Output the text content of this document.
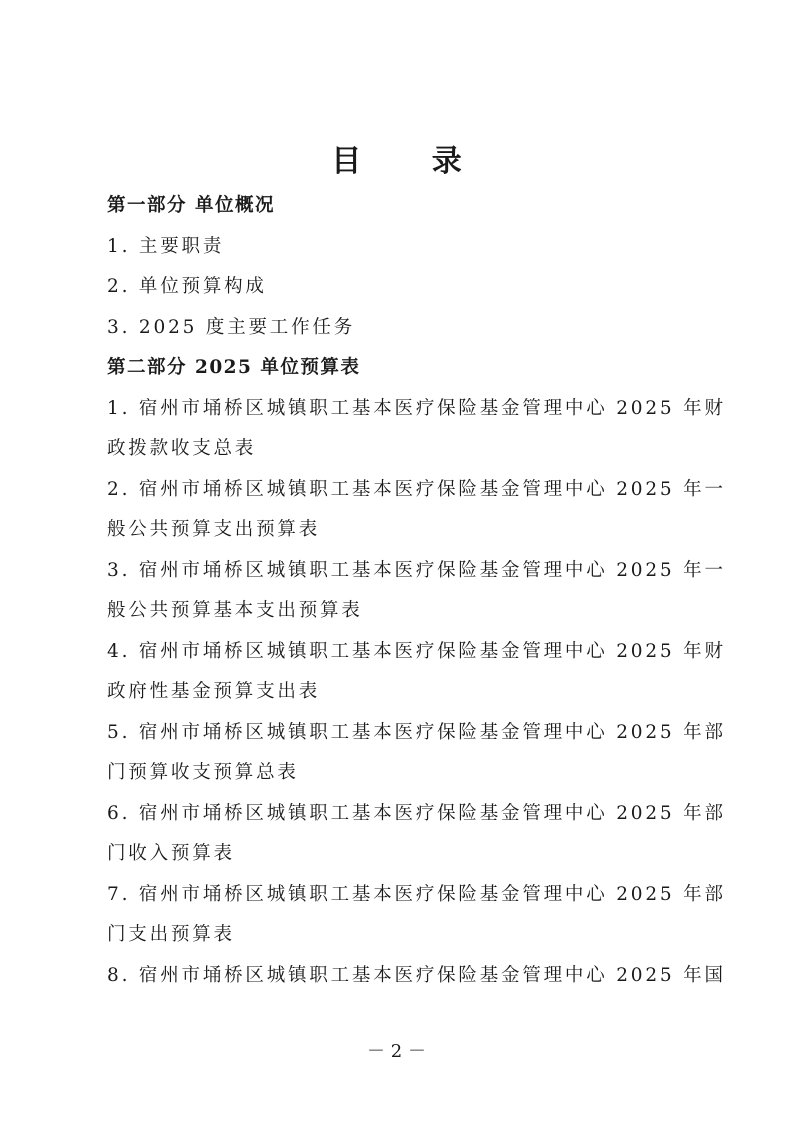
目 录
第一部分 单位概况
1. 主要职责
2. 单位预算构成
3. 2025 度主要工作任务
第二部分 2025 单位预算表
1. 宿州市埇桥区城镇职工基本医疗保险基金管理中心 2025 年财
政拨款收支总表
2. 宿州市埇桥区城镇职工基本医疗保险基金管理中心 2025 年一
般公共预算支出预算表
3. 宿州市埇桥区城镇职工基本医疗保险基金管理中心 2025 年一
般公共预算基本支出预算表
4. 宿州市埇桥区城镇职工基本医疗保险基金管理中心 2025 年财
政府性基金预算支出表
5. 宿州市埇桥区城镇职工基本医疗保险基金管理中心 2025 年部
门预算收支预算总表
6. 宿州市埇桥区城镇职工基本医疗保险基金管理中心 2025 年部
门收入预算表
7. 宿州市埇桥区城镇职工基本医疗保险基金管理中心 2025 年部
门支出预算表
8. 宿州市埇桥区城镇职工基本医疗保险基金管理中心 2025 年国
－ 2 －
